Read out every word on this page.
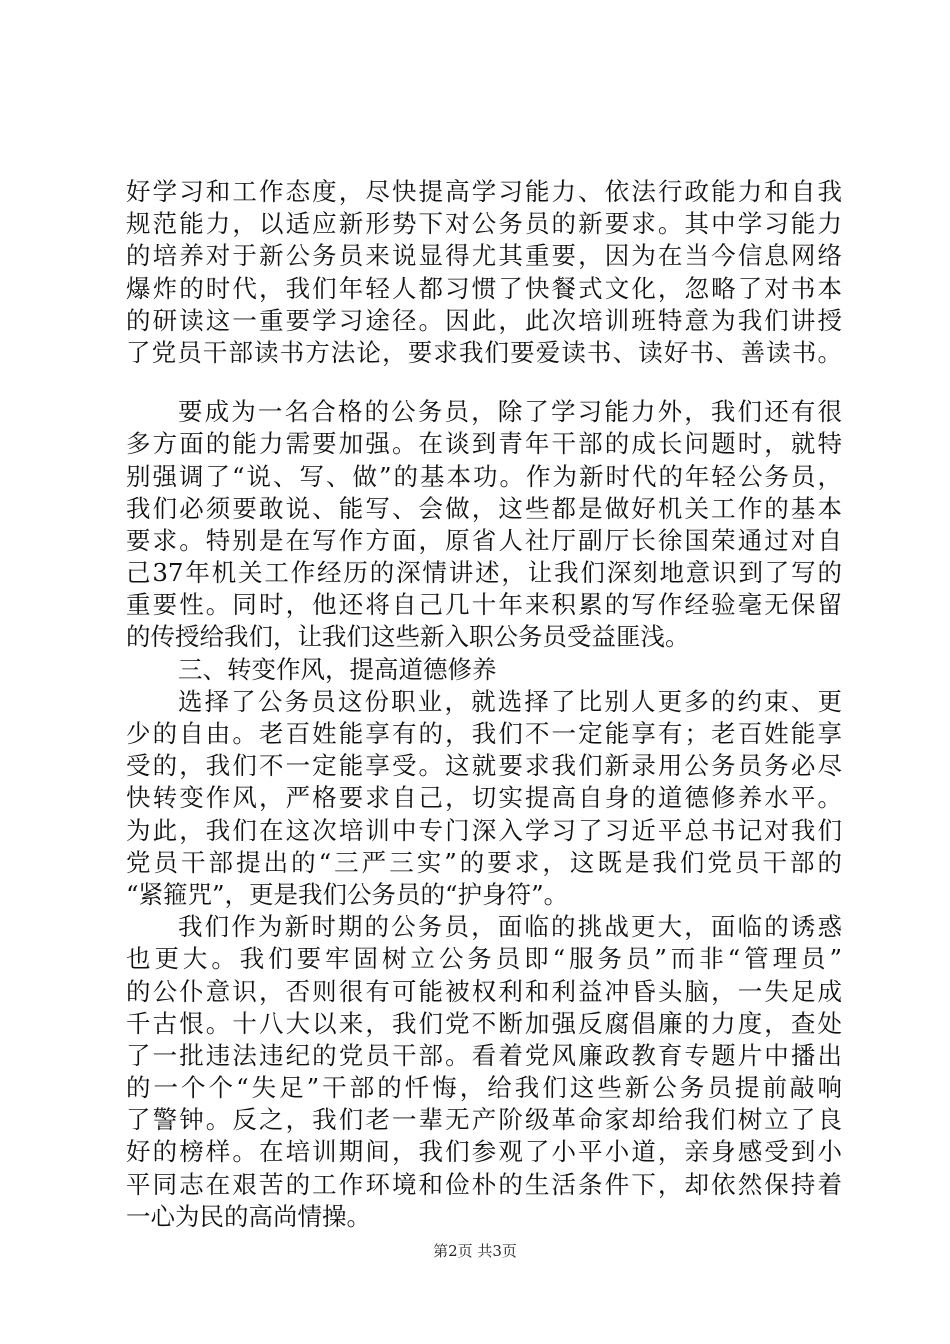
好学习和工作态度，尽快提高学习能力、依法行政能力和自我
规范能力，以适应新形势下对公务员的新要求。其中学习能力
的培养对于新公务员来说显得尤其重要，因为在当今信息网络
爆炸的时代，我们年轻人都习惯了快餐式文化，忽略了对书本
的研读这一重要学习途径。因此，此次培训班特意为我们讲授
了党员干部读书方法论，要求我们要爱读书、读好书、善读书。
要成为一名合格的公务员，除了学习能力外，我们还有很
多方面的能力需要加强。在谈到青年干部的成长问题时，就特
别强调了“说、写、做”的基本功。作为新时代的年轻公务员，
我们必须要敢说、能写、会做，这些都是做好机关工作的基本
要求。特别是在写作方面，原省人社厅副厅长徐国荣通过对自
己37年机关工作经历的深情讲述，让我们深刻地意识到了写的
重要性。同时，他还将自己几十年来积累的写作经验毫无保留
的传授给我们，让我们这些新入职公务员受益匪浅。
三、转变作风，提高道德修养
选择了公务员这份职业，就选择了比别人更多的约束、更
少的自由。老百姓能享有的，我们不一定能享有；老百姓能享
受的，我们不一定能享受。这就要求我们新录用公务员务必尽
快转变作风，严格要求自己，切实提高自身的道德修养水平。
为此，我们在这次培训中专门深入学习了习近平总书记对我们
党员干部提出的“三严三实”的要求，这既是我们党员干部的
“紧箍咒”，更是我们公务员的“护身符”。
我们作为新时期的公务员，面临的挑战更大，面临的诱惑
也更大。我们要牢固树立公务员即“服务员”而非“管理员”
的公仆意识，否则很有可能被权利和利益冲昏头脑，一失足成
千古恨。十八大以来，我们党不断加强反腐倡廉的力度，查处
了一批违法违纪的党员干部。看着党风廉政教育专题片中播出
的一个个“失足”干部的忏悔，给我们这些新公务员提前敲响
了警钟。反之，我们老一辈无产阶级革命家却给我们树立了良
好的榜样。在培训期间，我们参观了小平小道，亲身感受到小
平同志在艰苦的工作环境和俭朴的生活条件下，却依然保持着
一心为民的高尚情操。
第2页 共3页
